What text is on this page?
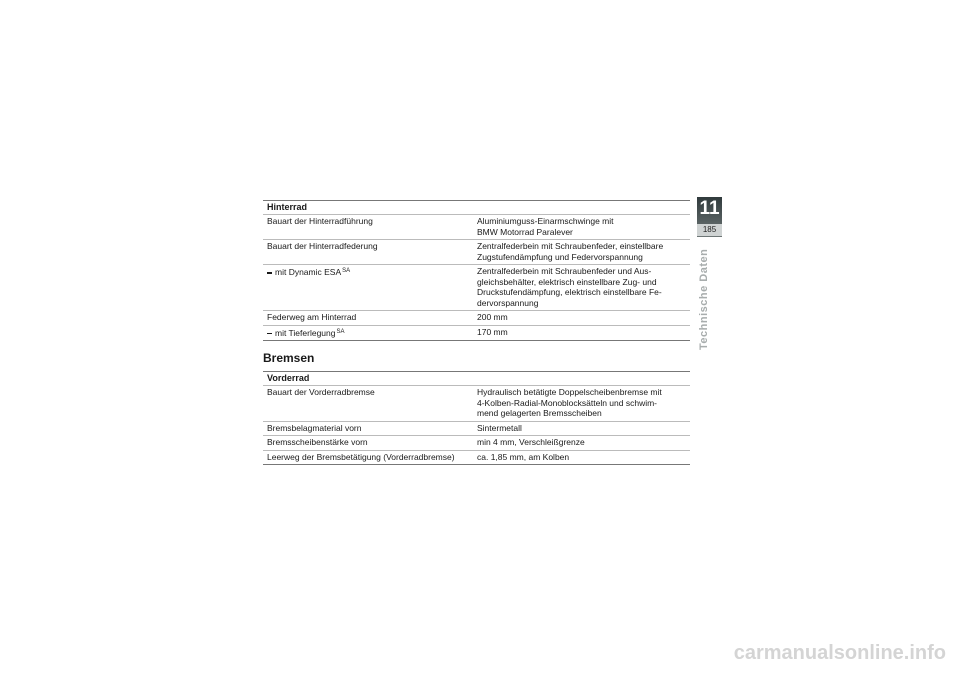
11
185
Technische Daten
Hinterrad
Bauart der Hinterradführung	Aluminiumguss-Einarmschwinge mit
BMW Motorrad Paralever
Bauart der Hinterradfederung	Zentralfederbein mit Schraubenfeder, einstellbare
Zugstufendämpfung und Federvorspannung
mit Dynamic $ESA^{SA}$	Zentralfederbein mit Schraubenfeder und Aus-
gleichsbehälter, elektrisch einstellbare Zug- und
Druckstufendämpfung, elektrisch einstellbare Fe-
dervorspannung
Federweg am Hinterrad	200 mm
mit Tieferlegung$^{SA}$	170 mm
Bremsen
Vorderrad
Bauart der Vorderradbremse	Hydraulisch betätigte Doppelscheibenbremse mit
4-Kolben-Radial-Monoblocksätteln und schwim-
mend gelagerten Bremsscheiben
Bremsbelagmaterial vorn	Sintermetall
Bremsscheibenstärke vorn	min 4 mm, Verschleißgrenze
Leerweg der Bremsbetätigung (Vorderradbremse)	ca. 1,85 mm, am Kolben
carmanualsonline.info
